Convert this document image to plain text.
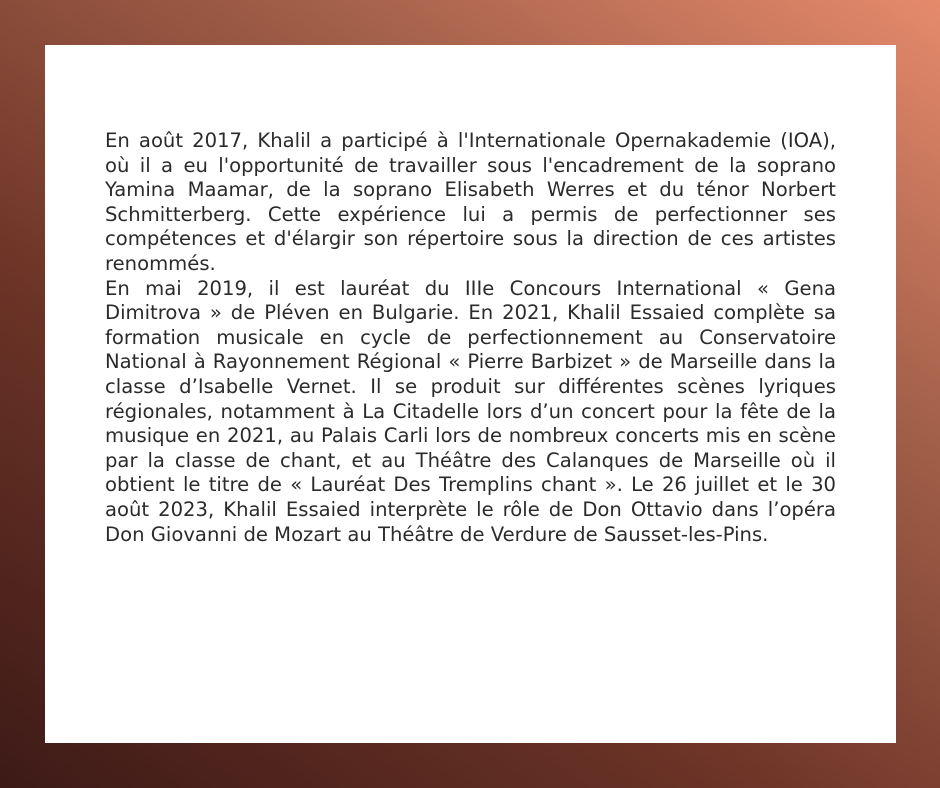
En août 2017, Khalil a participé à l'Internationale Opernakademie (IOA), où il a eu l'opportunité de travailler sous l'encadrement de la soprano Yamina Maamar, de la soprano Elisabeth Werres et du ténor Norbert Schmitterberg. Cette expérience lui a permis de perfectionner ses compétences et d'élargir son répertoire sous la direction de ces artistes renommés.

En mai 2019, il est lauréat du IIIe Concours International « Gena Dimitrova » de Pléven en Bulgarie. En 2021, Khalil Essaied complète sa formation musicale en cycle de perfectionnement au Conservatoire National à Rayonnement Régional « Pierre Barbizet » de Marseille dans la classe d’Isabelle Vernet. Il se produit sur différentes scènes lyriques régionales, notamment à La Citadelle lors d’un concert pour la fête de la musique en 2021, au Palais Carli lors de nombreux concerts mis en scène par la classe de chant, et au Théâtre des Calanques de Marseille où il obtient le titre de « Lauréat Des Tremplins chant ». Le 26 juillet et le 30 août 2023, Khalil Essaied interprète le rôle de Don Ottavio dans l’opéra Don Giovanni de Mozart au Théâtre de Verdure de Sausset-les-Pins.
